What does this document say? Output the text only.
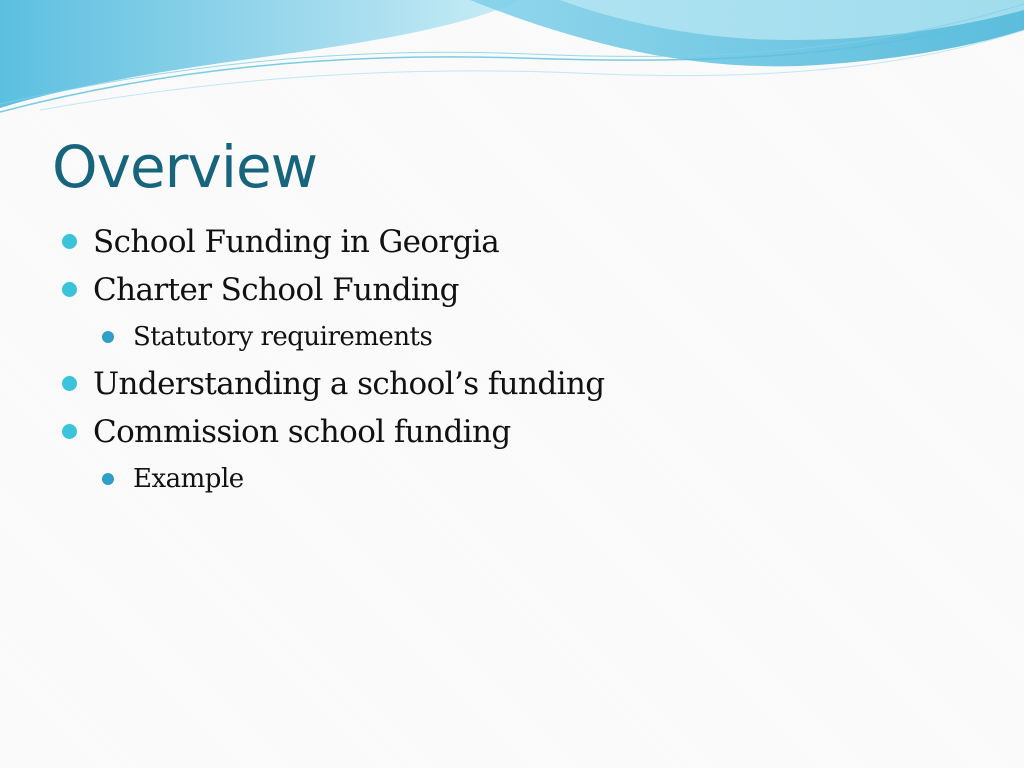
Overview
School Funding in Georgia
Charter School Funding
Statutory requirements
Understanding a school’s funding
Commission school funding
Example
